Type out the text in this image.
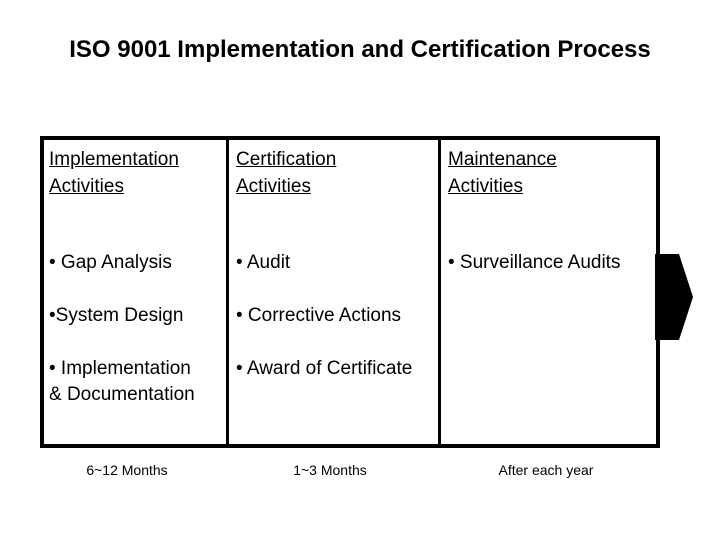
ISO 9001 Implementation and Certification Process
Implementation
Activities
• Gap Analysis
•System Design
• Implementation
& Documentation
Certification
Activities
• Audit
• Corrective Actions
• Award of Certificate
Maintenance
Activities
• Surveillance Audits
6~12 Months	1~3 Months	After each year
